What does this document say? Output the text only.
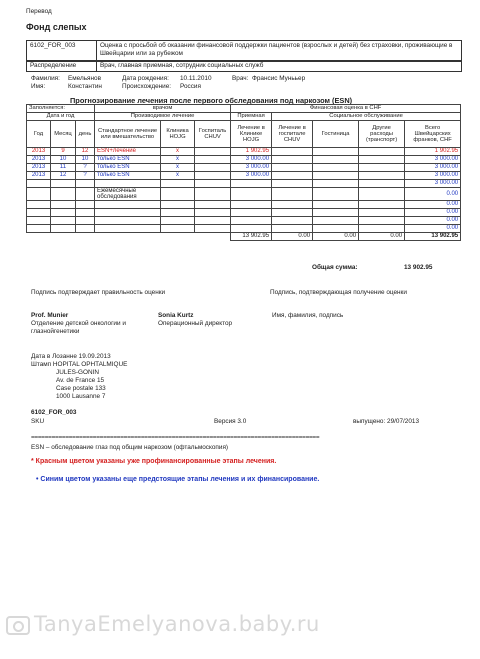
Перевод
Фонд слепых
6102_FOR_003	Оценка с просьбой об оказании финансовой поддержки пациентов (взрослых и детей) без страховки, проживающие в Швейцарии или за рубежом
Распределение	Врач, главная приемная, сотрудник социальных служб
Фамилия: Емельянов
Имя:	Константин
Дата рождения: 10.11.2010
Происхождение: Россия
Врач: Франсис Мунььер
Прогнозирование лечения после первого обследования под наркозом (ESN)
Заполняется:			врачом			Финансовая оценка в CHF				
Дата и год			Производимое лечение			Приемная	Социальное обслуживание			
Год	Месяц	день	Стандартное лечение или вмешательство	Клиника HOJG	Госпиталь CHUV	Лечение в Клинике HOJG	Лечение в госпитале CHUV	Гостиница	Другие расходы (транспорт)	Всего Швейцарских франков, CHF
2013	9	12	ESN+лечение	x		1 902.95				1 902.95
2013	10	10	только ESN	x		3 000.00				3 000.00
2013	11	?	только ESN	x		3 000.00				3 000.00
2013	12	?	только ESN	x		3 000.00				3 000.00
										3 000.00
			Ежемесячные обследования							0.00
										0.00
										0.00
										0.00
										0.00
						13 902.95	0.00	0.00	0.00	13 902.95
Общая сумма:	13 902.95
Подпись подтверждает правильность оценки	Подпись, подтверждающая получение оценки
Prof. Munier
Отделение детской онкологии и глазнойгенетики
Sonia Kurtz
Операционный директор
Имя, фамилия, подпись
Дата в Лозанне 19.09.2013
Штамп HOPITAL OPHTALMIQUE
JULES-GONIN
Av. de France 15
Case postale 133
1000 Lausanne 7
6102_FOR_003
SKU	Версия 3.0	выпущено: 29/07/2013
====================================================================================
ESN – обследование глаз под общим наркозом (офтальмоскопия)
* Красным цветом указаны уже профинансированные этапы лечения.
• Синим цветом указаны еще предстоящие этапы лечения и их финансирование.
TanyaEmelyanova.baby.ru
